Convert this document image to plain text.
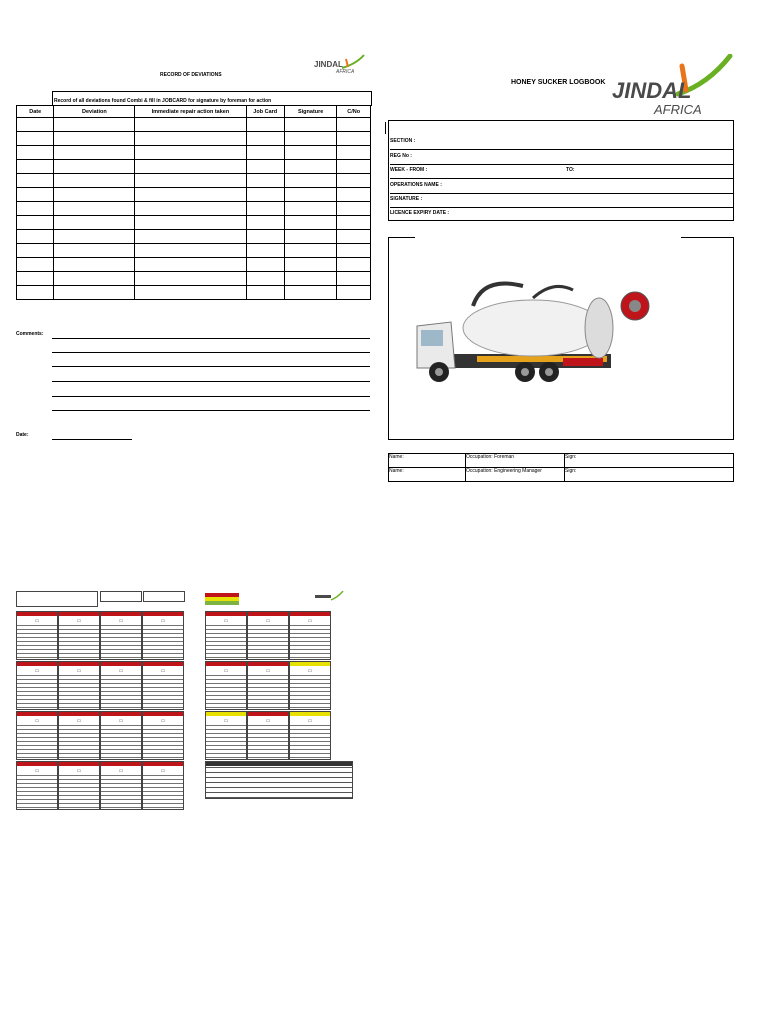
JINDAL
AFRICA
RECORD OF DEVIATIONS
Record of all deviations found Combi & fill in JOBCARD for signature by foreman for action
Date	Deviation	Immediate repair action taken	Job Card	Signature	C/No

Comments:
Date:
HONEY SUCKER LOGBOOK JINDAL
AFRICA
SECTION :
REG No :
WEEK - FROM :	TO:
OPERATIONS NAME :
SIGNATURE :
LICENCE EXPIRY DATE :
Name:	Occupation: Foreman	Sign:
Name:	Occupation: Engineering Manager	Sign:
▭	▭	▭	▭	▭	▭	▭
▭	▭	▭	▭	▭	▭	▭
▭	▭	▭	▭	▭	▭	▭
▭	▭	▭	▭
